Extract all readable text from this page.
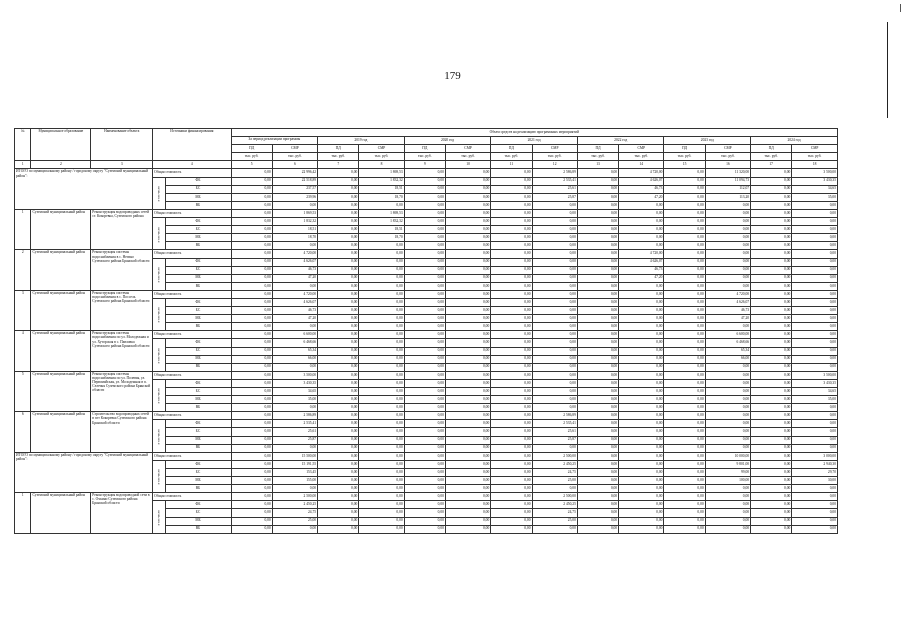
179
№	Муниципальное образование	Наименование объекта	Источники финансирования		Объем средств на реализацию программных мероприятий													
					За период реализации программы		2019 год		2020 год		2021 год		2022 год		2023 год		2024 год	

					ПД	СМР	ПД	СМР	ПД	СМР	ПД	СМР	ПД	СМР	ПД	СМР	ПД	СМР
					тыс. руб.	тыс. руб.	тыс. руб.	тыс. руб.	тыс. руб.	тыс. руб.	тыс. руб.	тыс. руб.	тыс. руб.	тыс. руб.	тыс. руб.	тыс. руб.	тыс. руб.	тыс. руб.
1	2	3	4		5	6	7	8	9	10	11	12	13	14	15	16	17	18
ИТОГО по муниципальному району / городскому округу "Суземский муниципальный район":			Общая стоимость		0,00	22 996,42	0,00	1 869,53	0,00	0,00	0,00	2 586,89	0,00	4 720,00	0,00	11 320,00	0,00	3 500,00
			в том числе:	ФБ	0,00	22 518,89	0,00	1 832,32	0,00	0,00	0,00	2 535,41	0,00	4 626,07	0,00	11 094,73	0,00	3 430,35
				БС	0,00	237,57	0,00	18,51	0,00	0,00	0,00	25,61	0,00	46,73	0,00	112,07	0,00	34,65
				МБ	0,00	239,96	0,00	18,70	0,00	0,00	0,00	25,87	0,00	47,20	0,00	113,20	0,00	35,00
				ВБ	0,00	0,00	0,00	0,00	0,00	0,00	0,00	0,00	0,00	0,00	0,00	0,00	0,00	0,00
1	Суземский муниципальный район	Реконструкция водопроводных сетей ст. Кокоревка, Суземского района	Общая стоимость		0,00	1 869,53	0,00	1 869,53	0,00	0,00	0,00	0,00	0,00	0,00	0,00	0,00	0,00	0,00
			в том числе:	ФБ	0,00	1 832,32	0,00	1 832,32	0,00	0,00	0,00	0,00	0,00	0,00	0,00	0,00	0,00	0,00
				БС	0,00	18,51	0,00	18,51	0,00	0,00	0,00	0,00	0,00	0,00	0,00	0,00	0,00	0,00
				МБ	0,00	18,70	0,00	18,70	0,00	0,00	0,00	0,00	0,00	0,00	0,00	0,00	0,00	0,00
				ВБ	0,00	0,00	0,00	0,00	0,00	0,00	0,00	0,00	0,00	0,00	0,00	0,00	0,00	0,00
2	Суземский муниципальный район	Реконструкция системы водоснабжения в с. Негино Суземского района Брянской области	Общая стоимость		0,00	4 720,00	0,00	0,00	0,00	0,00	0,00	0,00	0,00	4 720,00	0,00	0,00	0,00	0,00
			в том числе:	ФБ	0,00	4 626,07	0,00	0,00	0,00	0,00	0,00	0,00	0,00	4 626,07	0,00	0,00	0,00	0,00
				БС	0,00	46,73	0,00	0,00	0,00	0,00	0,00	0,00	0,00	46,73	0,00	0,00	0,00	0,00
				МБ	0,00	47,20	0,00	0,00	0,00	0,00	0,00	0,00	0,00	47,20	0,00	0,00	0,00	0,00
				ВБ	0,00	0,00	0,00	0,00	0,00	0,00	0,00	0,00	0,00	0,00	0,00	0,00	0,00	0,00
3	Суземский муниципальный район	Реконструкция системы водоснабжения в с. Поссель Суземского района Брянской области	Общая стоимость		0,00	4 720,00	0,00	0,00	0,00	0,00	0,00	0,00	0,00	0,00	0,00	4 720,00	0,00	0,00
			в том числе:	ФБ	0,00	4 626,07	0,00	0,00	0,00	0,00	0,00	0,00	0,00	0,00	0,00	4 626,07	0,00	0,00
				БС	0,00	46,73	0,00	0,00	0,00	0,00	0,00	0,00	0,00	0,00	0,00	46,73	0,00	0,00
				МБ	0,00	47,20	0,00	0,00	0,00	0,00	0,00	0,00	0,00	0,00	0,00	47,20	0,00	0,00
				ВБ	0,00	0,00	0,00	0,00	0,00	0,00	0,00	0,00	0,00	0,00	0,00	0,00	0,00	0,00
4	Суземский муниципальный район	Реконструкция системы водоснабжения по ул. Молодежная и ул. Хуторская в с. Павловка Суземского района Брянской области	Общая стоимость		0,00	6 600,00	0,00	0,00	0,00	0,00	0,00	0,00	0,00	0,00	0,00	6 600,00	0,00	0,00
			в том числе:	ФБ	0,00	6 468,66	0,00	0,00	0,00	0,00	0,00	0,00	0,00	0,00	0,00	6 468,66	0,00	0,00
				БС	0,00	65,34	0,00	0,00	0,00	0,00	0,00	0,00	0,00	0,00	0,00	65,34	0,00	0,00
				МБ	0,00	66,00	0,00	0,00	0,00	0,00	0,00	0,00	0,00	0,00	0,00	66,00	0,00	0,00
				ВБ	0,00	0,00	0,00	0,00	0,00	0,00	0,00	0,00	0,00	0,00	0,00	0,00	0,00	0,00
5	Суземский муниципальный район	Реконструкция системы водоснабжения по ул. Полевая, ул. Первомайская, ул. Молодежная в п. Селечня Суземского района Брянской области	Общая стоимость		0,00	3 500,00	0,00	0,00	0,00	0,00	0,00	0,00	0,00	0,00	0,00	0,00	0,00	3 500,00
			в том числе:	ФБ	0,00	3 430,35	0,00	0,00	0,00	0,00	0,00	0,00	0,00	0,00	0,00	0,00	0,00	3 430,35
				БС	0,00	34,65	0,00	0,00	0,00	0,00	0,00	0,00	0,00	0,00	0,00	0,00	0,00	34,65
				МБ	0,00	35,00	0,00	0,00	0,00	0,00	0,00	0,00	0,00	0,00	0,00	0,00	0,00	35,00
				ВБ	0,00	0,00	0,00	0,00	0,00	0,00	0,00	0,00	0,00	0,00	0,00	0,00	0,00	0,00
6	Суземский муниципальный район	Строительство водопроводных сетей в пгт Кокоревка Суземского района Брянской области	Общая стоимость		0,00	2 586,89	0,00	0,00	0,00	0,00	0,00	2 586,89	0,00	0,00	0,00	0,00	0,00	0,00
			в том числе:	ФБ	0,00	2 535,41	0,00	0,00	0,00	0,00	0,00	2 535,41	0,00	0,00	0,00	0,00	0,00	0,00
				БС	0,00	25,61	0,00	0,00	0,00	0,00	0,00	25,61	0,00	0,00	0,00	0,00	0,00	0,00
				МБ	0,00	25,87	0,00	0,00	0,00	0,00	0,00	25,87	0,00	0,00	0,00	0,00	0,00	0,00
				ВБ	0,00	0,00	0,00	0,00	0,00	0,00	0,00	0,00	0,00	0,00	0,00	0,00	0,00	0,00
ИТОГО по муниципальному району / городскому округу "Суземский муниципальный район":			Общая стоимость		0,00	15 500,00	0,00	0,00	0,00	0,00	0,00	2 500,00	0,00	0,00	0,00	10 000,00	0,00	3 000,00
			в том числе:	ФБ	0,00	15 191,55	0,00	0,00	0,00	0,00	0,00	2 450,25	0,00	0,00	0,00	9 801,00	0,00	2 940,30
				БС	0,00	153,45	0,00	0,00	0,00	0,00	0,00	24,75	0,00	0,00	0,00	99,00	0,00	29,70
				МБ	0,00	155,00	0,00	0,00	0,00	0,00	0,00	25,00	0,00	0,00	0,00	100,00	0,00	30,00
				ВБ	0,00	0,00	0,00	0,00	0,00	0,00	0,00	0,00	0,00	0,00	0,00	0,00	0,00	0,00
1	Суземский муниципальный район	Реконструкция водопроводной сети в с. Очкино Суземского района Брянской области	Общая стоимость		0,00	2 500,00	0,00	0,00	0,00	0,00	0,00	2 500,00	0,00	0,00	0,00	0,00	0,00	0,00
			в том числе:	ФБ	0,00	2 450,25	0,00	0,00	0,00	0,00	0,00	2 450,25	0,00	0,00	0,00	0,00	0,00	0,00
				БС	0,00	24,75	0,00	0,00	0,00	0,00	0,00	24,75	0,00	0,00	0,00	0,00	0,00	0,00
				МБ	0,00	25,00	0,00	0,00	0,00	0,00	0,00	25,00	0,00	0,00	0,00	0,00	0,00	0,00
				ВБ	0,00	0,00	0,00	0,00	0,00	0,00	0,00	0,00	0,00	0,00	0,00	0,00	0,00	0,00
